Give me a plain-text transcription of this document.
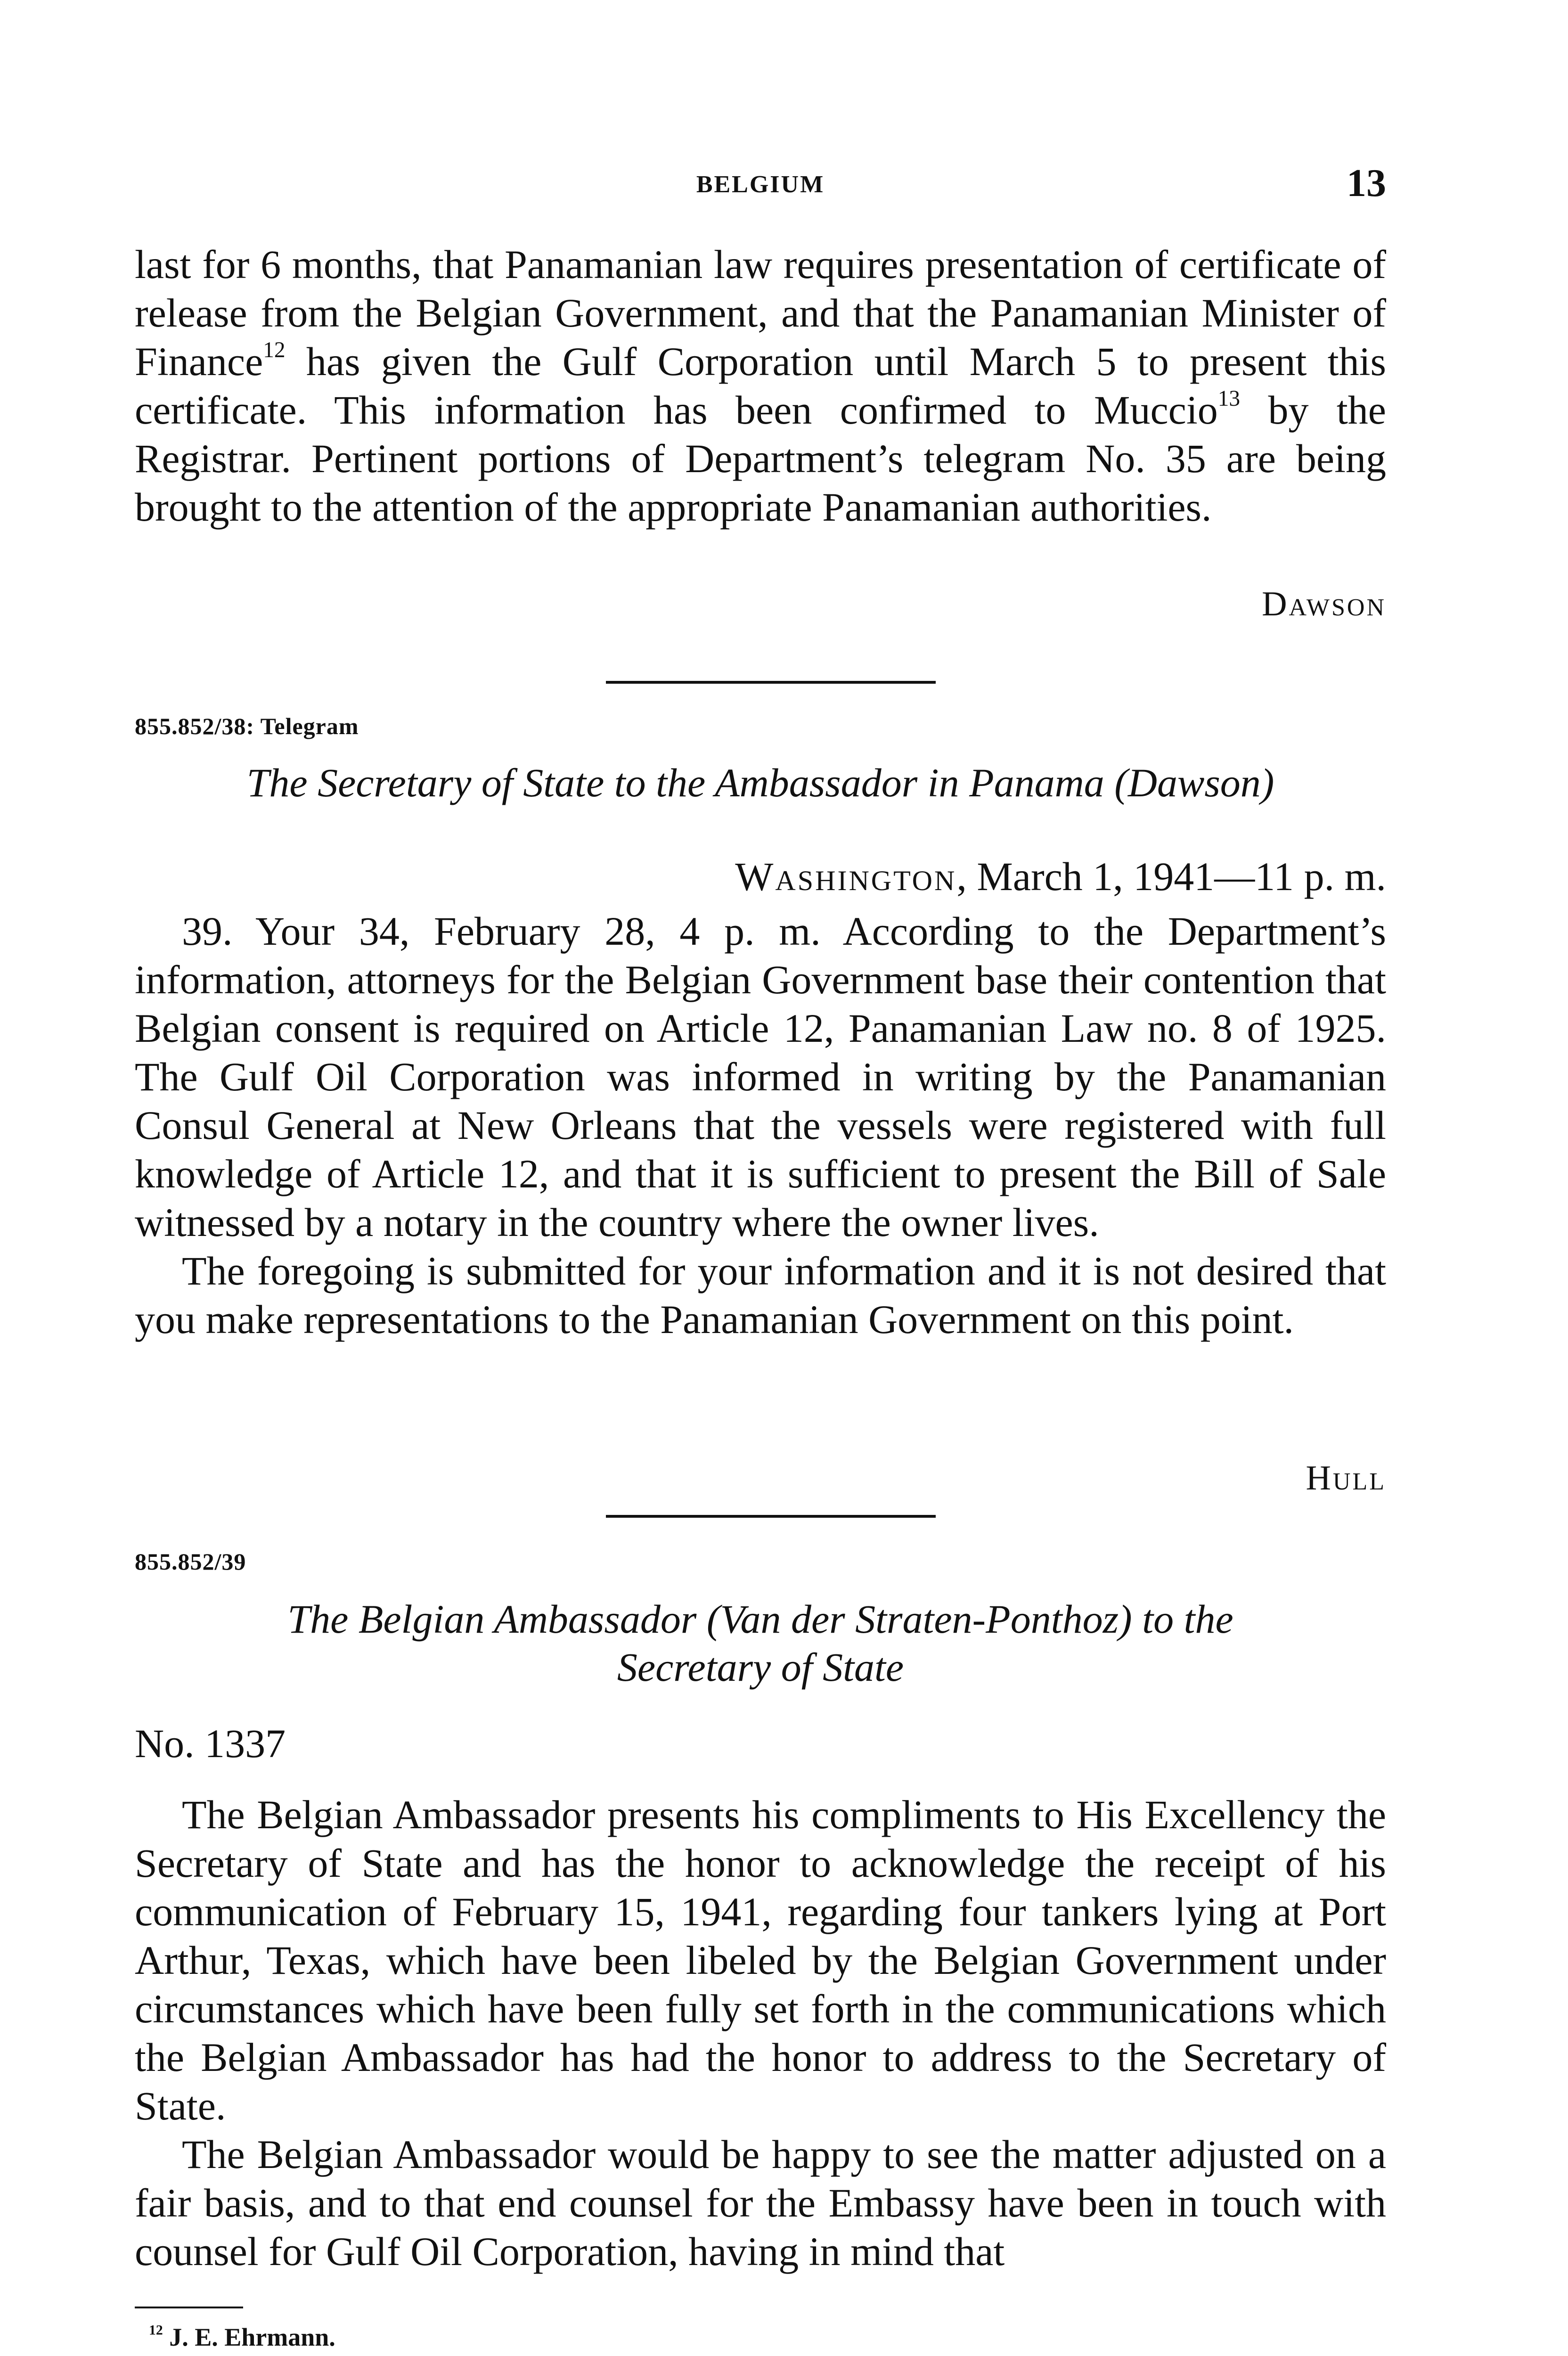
BELGIUM	13

last for 6 months, that Panamanian law requires presentation of certificate of release from the Belgian Government, and that the Panamanian Minister of Finance$^{12}$ has given the Gulf Corporation until March 5 to present this certificate. This information has been confirmed to Muccio$^{13}$ by the Registrar. Pertinent portions of Department’s telegram No. 35 are being brought to the attention of the appropriate Panamanian authorities.

Dawson
855.852/38: Telegram
The Secretary of State to the Ambassador in Panama (Dawson)
Washington, March 1, 1941—11 p. m.

39. Your 34, February 28, 4 p. m. According to the Department’s information, attorneys for the Belgian Government base their contention that Belgian consent is required on Article 12, Panamanian Law no. 8 of 1925. The Gulf Oil Corporation was informed in writing by the Panamanian Consul General at New Orleans that the vessels were registered with full knowledge of Article 12, and that it is sufficient to present the Bill of Sale witnessed by a notary in the country where the owner lives.

The foregoing is submitted for your information and it is not desired that you make representations to the Panamanian Government on this point.

Hull
855.852/39
The Belgian Ambassador (Van der Straten-Ponthoz) to the
Secretary of State
No. 1337

The Belgian Ambassador presents his compliments to His Excellency the Secretary of State and has the honor to acknowledge the receipt of his communication of February 15, 1941, regarding four tankers lying at Port Arthur, Texas, which have been libeled by the Belgian Government under circumstances which have been fully set forth in the communications which the Belgian Ambassador has had the honor to address to the Secretary of State.

The Belgian Ambassador would be happy to see the matter adjusted on a fair basis, and to that end counsel for the Embassy have been in touch with counsel for Gulf Oil Corporation, having in mind that

$^{12}$ J. E. Ehrmann.
